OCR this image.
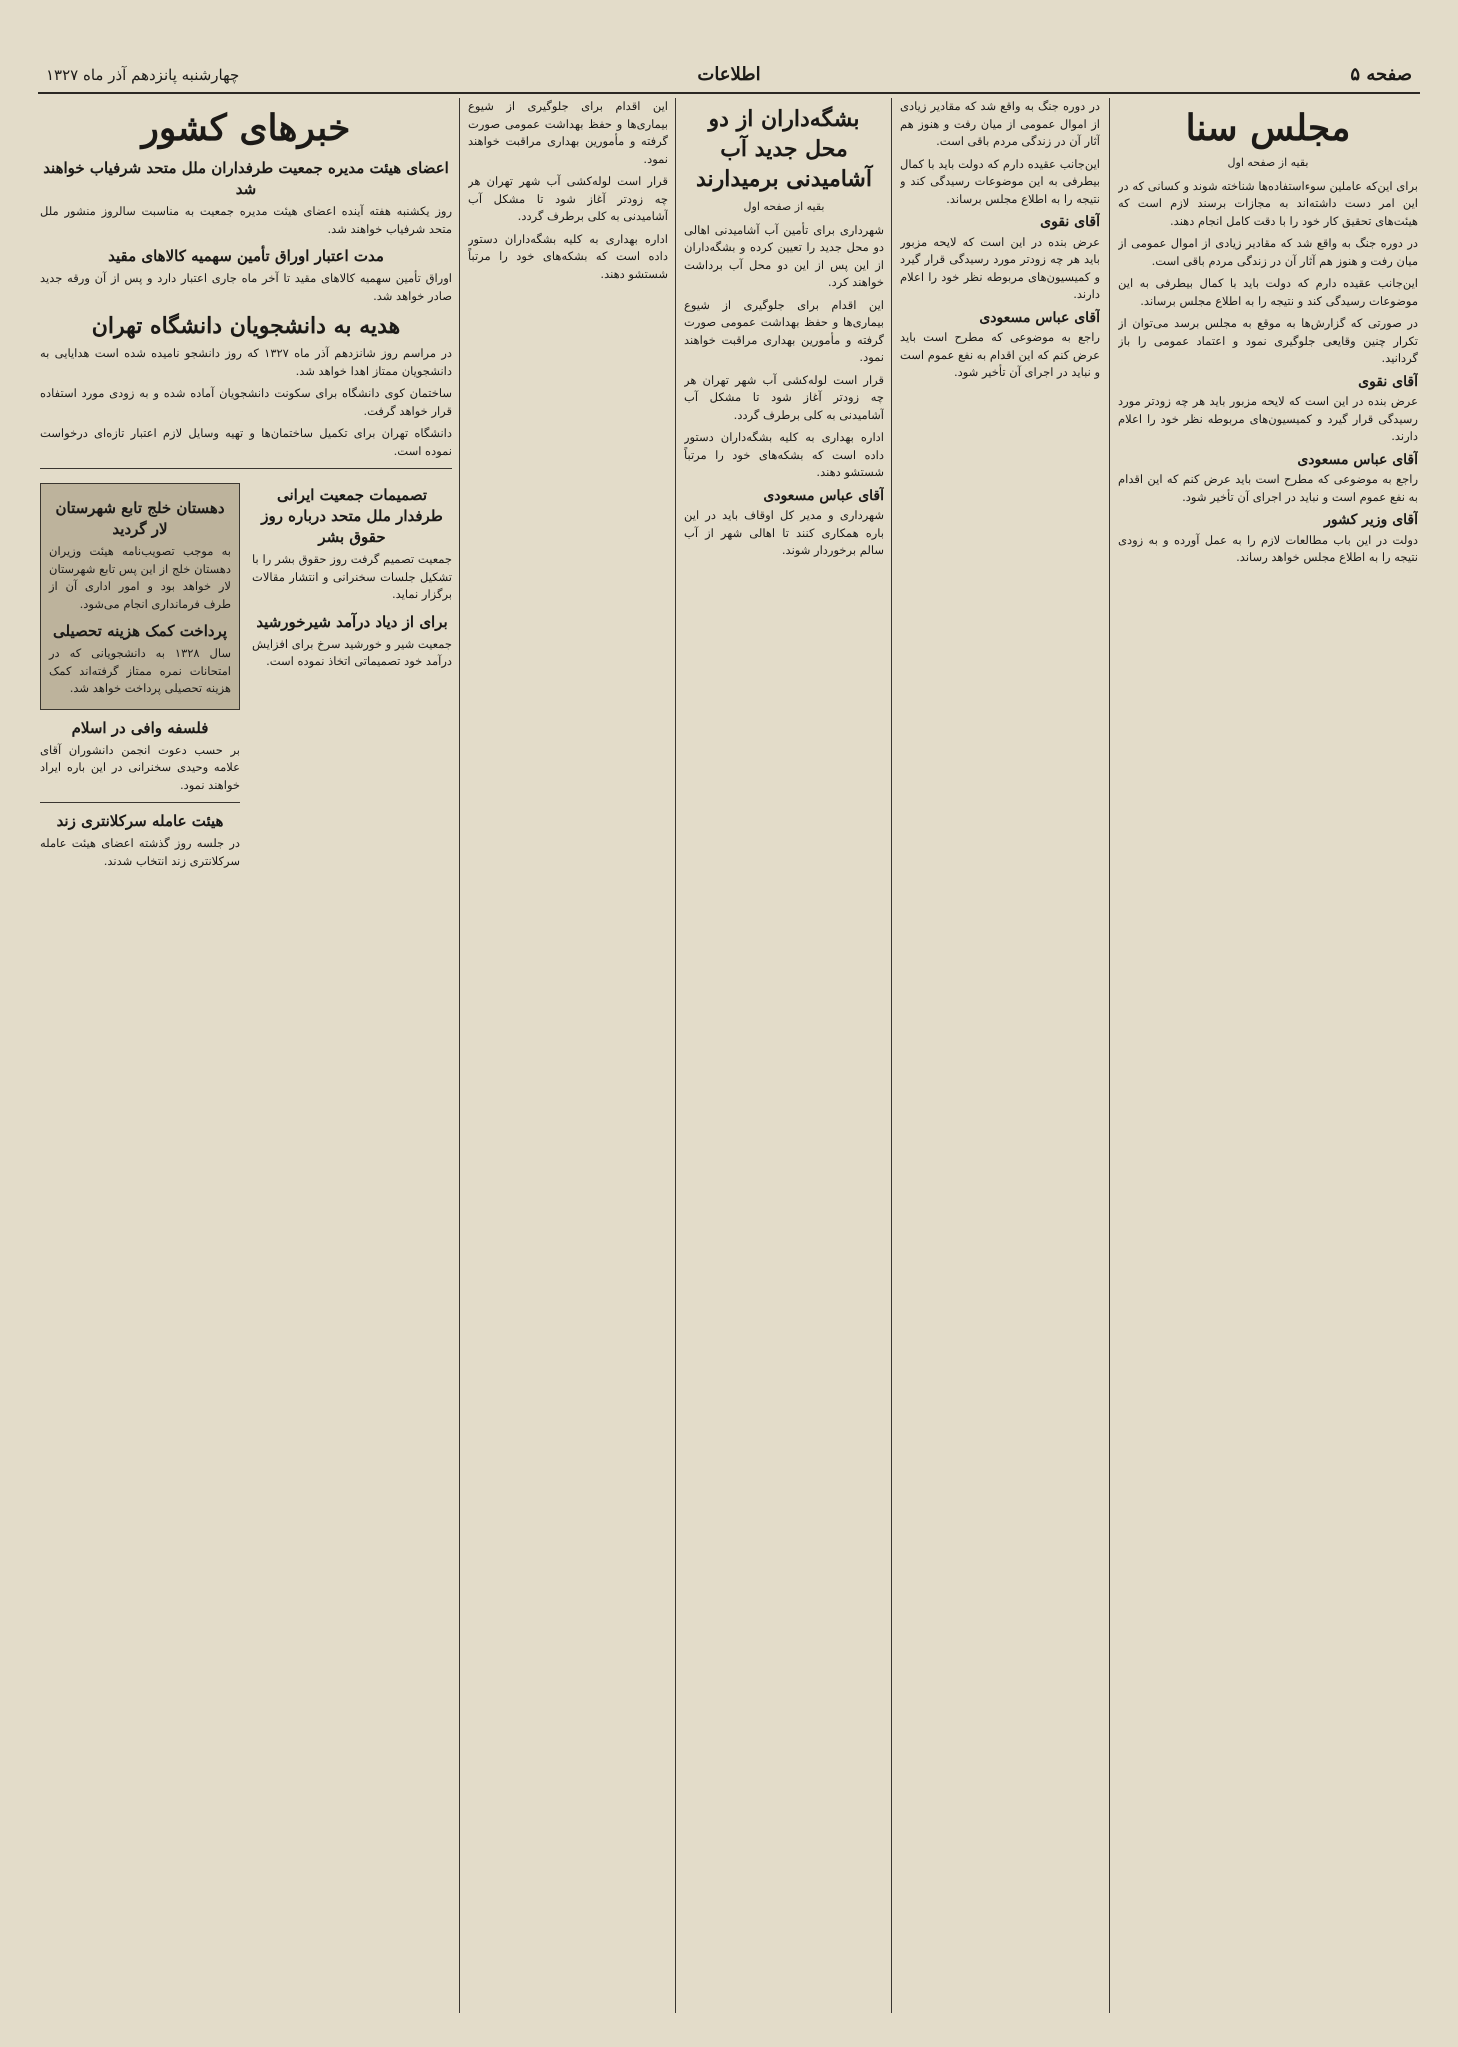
صفحه ۵
اطلاعات
چهارشنبه پانزدهم آذر ماه ۱۳۲۷
مجلس سنا
بقیه از صفحه اول

برای این‌که عاملین سوء‌استفاده‌ها شناخته شوند و کسانی که در این امر دست داشته‌اند به مجازات برسند لازم است که هیئت‌های تحقیق کار خود را با دقت کامل انجام دهند.

در دوره جنگ به واقع شد که مقادیر زیادی از اموال عمومی از میان رفت و هنوز هم آثار آن در زندگی مردم باقی است.

این‌جانب عقیده دارم که دولت باید با کمال بیطرفی به این موضوعات رسیدگی کند و نتیجه را به اطلاع مجلس برساند.

در صورتی که گزارش‌ها به موقع به مجلس برسد می‌توان از تکرار چنین وقایعی جلوگیری نمود و اعتماد عمومی را باز گردانید.

آقای نقوی

عرض بنده در این است که لایحه مزبور باید هر چه زودتر مورد رسیدگی قرار گیرد و کمیسیون‌های مربوطه نظر خود را اعلام دارند.

آقای عباس مسعودی

راجع به موضوعی که مطرح است باید عرض کنم که این اقدام به نفع عموم است و نباید در اجرای آن تأخیر شود.

آقای وزیر کشور

دولت در این باب مطالعات لازم را به عمل آورده و به زودی نتیجه را به اطلاع مجلس خواهد رساند.

در دوره جنگ به واقع شد که مقادیر زیادی از اموال عمومی از میان رفت و هنوز هم آثار آن در زندگی مردم باقی است.

این‌جانب عقیده دارم که دولت باید با کمال بیطرفی به این موضوعات رسیدگی کند و نتیجه را به اطلاع مجلس برساند.

آقای نقوی

عرض بنده در این است که لایحه مزبور باید هر چه زودتر مورد رسیدگی قرار گیرد و کمیسیون‌های مربوطه نظر خود را اعلام دارند.

آقای عباس مسعودی

راجع به موضوعی که مطرح است باید عرض کنم که این اقدام به نفع عموم است و نباید در اجرای آن تأخیر شود.

بشگه‌داران از دو محل جدید آب آشامیدنی برمیدارند
بقیه از صفحه اول

شهرداری برای تأمین آب آشامیدنی اهالی دو محل جدید را تعیین کرده و بشگه‌داران از این پس از این دو محل آب برداشت خواهند کرد.

این اقدام برای جلوگیری از شیوع بیماری‌ها و حفظ بهداشت عمومی صورت گرفته و مأمورین بهداری مراقبت خواهند نمود.

قرار است لوله‌کشی آب شهر تهران هر چه زودتر آغاز شود تا مشکل آب آشامیدنی به کلی برطرف گردد.

اداره بهداری به کلیه بشگه‌داران دستور داده است که بشکه‌های خود را مرتباً شستشو دهند.

آقای عباس مسعودی

شهرداری و مدیر کل اوقاف باید در این باره همکاری کنند تا اهالی شهر از آب سالم برخوردار شوند.

این اقدام برای جلوگیری از شیوع بیماری‌ها و حفظ بهداشت عمومی صورت گرفته و مأمورین بهداری مراقبت خواهند نمود.

قرار است لوله‌کشی آب شهر تهران هر چه زودتر آغاز شود تا مشکل آب آشامیدنی به کلی برطرف گردد.

اداره بهداری به کلیه بشگه‌داران دستور داده است که بشکه‌های خود را مرتباً شستشو دهند.

خبرهای کشور
اعضای هیئت مدیره جمعیت طرفداران ملل متحد شرفیاب خواهند شد

روز یکشنبه هفته آینده اعضای هیئت مدیره جمعیت به مناسبت سالروز منشور ملل متحد شرفیاب خواهند شد.

مدت اعتبار اوراق تأمین سهمیه کالاهای مقید

اوراق تأمین سهمیه کالاهای مقید تا آخر ماه جاری اعتبار دارد و پس از آن ورقه جدید صادر خواهد شد.

هدیه به دانشجویان دانشگاه تهران

در مراسم روز شانزدهم آذر ماه ۱۳۲۷ که روز دانشجو نامیده شده است هدایایی به دانشجویان ممتاز اهدا خواهد شد.

ساختمان کوی دانشگاه برای سکونت دانشجویان آماده شده و به زودی مورد استفاده قرار خواهد گرفت.

دانشگاه تهران برای تکمیل ساختمان‌ها و تهیه وسایل لازم اعتبار تازه‌ای درخواست نموده است.

تصمیمات جمعیت ایرانی طرفدار ملل متحد درباره روز حقوق بشر

جمعیت تصمیم گرفت روز حقوق بشر را با تشکیل جلسات سخنرانی و انتشار مقالات برگزار نماید.

برای از دیاد درآمد شیرخورشید

جمعیت شیر و خورشید سرخ برای افزایش درآمد خود تصمیماتی اتخاذ نموده است.

دهستان خلج تابع شهرستان لار گردید

به موجب تصویب‌نامه هیئت وزیران دهستان خلج از این پس تابع شهرستان لار خواهد بود و امور اداری آن از طرف فرمانداری انجام می‌شود.

پرداخت کمک هزینه تحصیلی

سال ۱۳۲۸ به دانشجویانی که در امتحانات نمره ممتاز گرفته‌اند کمک هزینه تحصیلی پرداخت خواهد شد.

فلسفه وافی در اسلام

بر حسب دعوت انجمن دانشوران آقای علامه وحیدی سخنرانی در این باره ایراد خواهند نمود.

هیئت عامله سرکلانتری زند

در جلسه روز گذشته اعضای هیئت عامله سرکلانتری زند انتخاب شدند.
